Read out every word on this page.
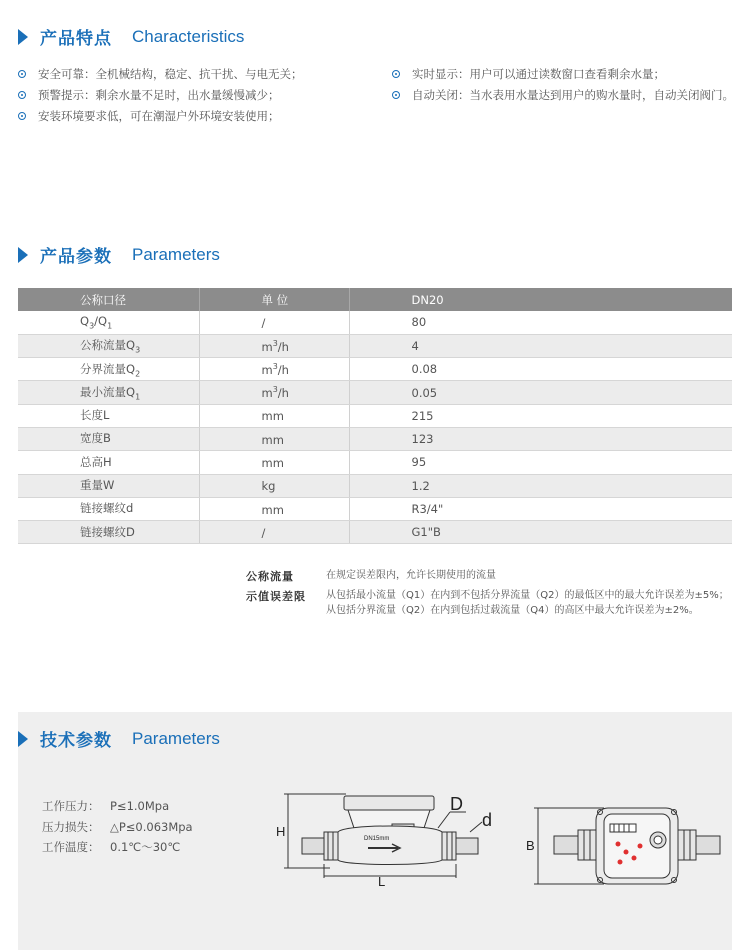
产品特点 Characteristics
安全可靠：全机械结构，稳定、抗干扰、与电无关；
预警提示：剩余水量不足时，出水量缓慢减少；
安装环境要求低，可在潮湿户外环境安装使用；
实时显示：用户可以通过读数窗口查看剩余水量；
自动关闭：当水表用水量达到用户的购水量时，自动关闭阀门。
产品参数 Parameters
公称口径	单 位	DN20
$Q_3/Q_1$	/	80
公称流量$Q_3$	$m^3/h$	4
分界流量$Q_2$	$m^3/h$	0.08
最小流量$Q_1$	$m^3/h$	0.05
长度L	mm	215
宽度B	mm	123
总高H	mm	95
重量W	kg	1.2
链接螺纹d	mm	R3/4"
链接螺纹D	/	G1"B
公称流量	在规定误差限内，允许长期使用的流量
示值误差限	从包括最小流量（Q1）在内到不包括分界流量（Q2）的最低区中的最大允许误差为±5%；
从包括分界流量（Q2）在内到包括过载流量（Q4）的高区中最大允许误差为±2%。
技术参数 Parameters
工作压力： P≤1.0Mpa
压力损失： △P≤0.063Mpa
工作温度： 0.1℃～30℃
H
D
d
L
DN15mm	B
